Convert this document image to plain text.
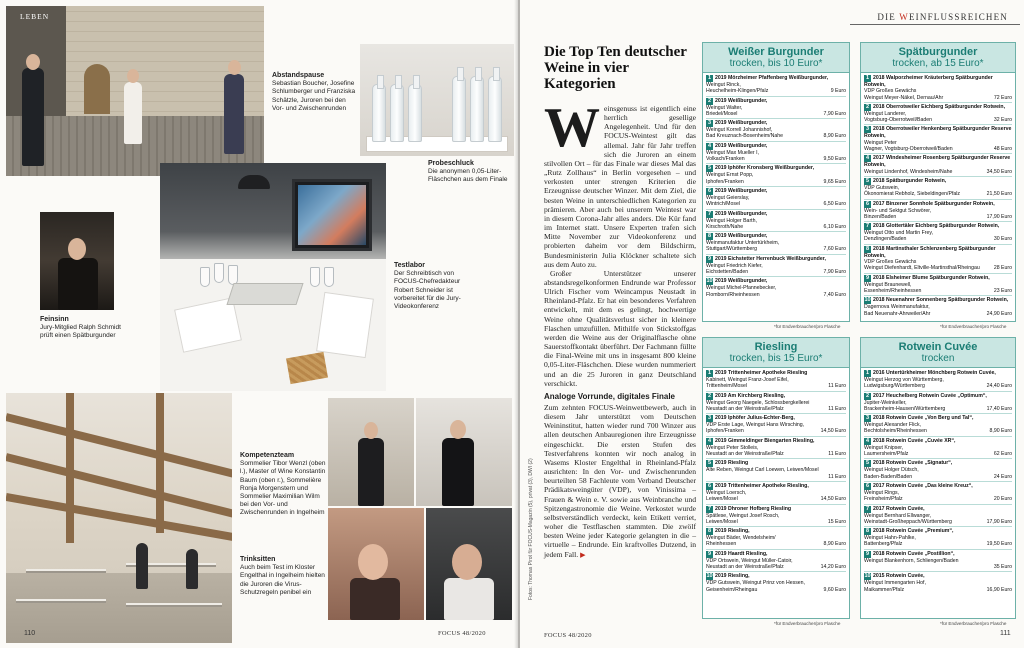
LEBEN
Abstandspause
Sebastian Boucher, Josefine Schlumberger und Franziska Schätzle, Juroren bei den Vor- und Zwischenrunden
Probeschluck
Die anonymen 0,05-Liter-Fläschchen aus dem Finale
Testlabor
Der Schreibtisch von FOCUS-Chefredakteur Robert Schneider ist vorbereitet für die Jury-Videokonferenz
Feinsinn
Jury-Mitglied Ralph Schmidt prüft einen Spätburgunder
Kompetenzteam
Sommelier Tibor Wenzl (oben l.), Master of Wine Konstantin Baum (oben r.), Sommelière Ronja Morgenstern und Sommelier Maximilian Wilm bei den Vor- und Zwischenrunden in Ingelheim
Trinksitten
Auch beim Test im Kloster Engelthal in Ingelheim hielten die Juroren die Virus-Schutzregeln penibel ein
110	FOCUS 48/2020
DIE WEINFLUSSREICHEN
Die Top Ten deutscher Weine in vier Kategorien

Weinsgenuss ist eigentlich eine herrlich gesellige Angelegenheit. Und für den FOCUS-Weintest gilt das allemal. Jahr für Jahr treffen sich die Juroren an einem stilvollen Ort – für das Finale war dieses Mal das „Rutz Zollhaus“ in Berlin vorgesehen – und verkosten unter strengen Kriterien die Erzeugnisse deutscher Winzer. Mit dem Ziel, die besten Weine in unterschiedlichen Kategorien zu prämieren. Aber auch bei unserem Weintest war in diesem Corona-Jahr alles anders. Die Kür fand im Internet statt. Unsere Experten trafen sich Mitte November zur Videokonferenz und probierten daheim vor dem Bildschirm, Bundesministerin Julia Klöckner schaltete sich aus dem Auto zu.

Großer Unterstützer unserer abstandsregelkonformen Endrunde war Professor Ulrich Fischer vom Weincampus Neustadt in Rheinland-Pfalz. Er hat ein besonderes Verfahren entwickelt, mit dem es gelingt, hochwertige Weine ohne Qualitätsverlust sicher in kleinere Flaschen umzufüllen. Mithilfe von Stickstoffgas werden die Weine aus der Originalflasche ohne Sauerstoffkontakt überführt. Der Fachmann füllte die Final-Weine mit uns in insgesamt 800 kleine 0,05-Liter-Fläschchen. Diese wurden nummeriert und an die 25 Juroren in ganz Deutschland verschickt.

Analoge Vorrunde, digitales Finale

Zum zehnten FOCUS-Weinwettbewerb, auch in diesem Jahr unterstützt vom Deutschen Weininstitut, hatten wieder rund 700 Winzer aus allen deutschen Anbauregionen ihre Erzeugnisse eingeschickt. Die ersten Stufen des Testverfahrens konnten wir noch analog in Wasems Kloster Engelthal in Rheinland-Pfalz ausrichten: In den Vor- und Zwischenrunden beurteilten 58 Fachleute vom Verband Deutscher Prädikatsweingüter (VDP), von Vinissima – Frauen & Wein e. V. sowie aus Weinbranche und Spitzengastronomie die Weine. Verkostet wurde selbstverständlich verdeckt, kein Etikett verriet, woher die Testflaschen stammten. Die zwölf besten Weine jeder Kategorie gelangten in die – virtuelle – Endrunde. Ein kraftvolles Dutzend, in jedem Fall. ▶

Fotos: Thomas Pirot für FOCUS-Magazin (5), privat (3), DWI (2)
Weißer Burgunder
trocken, bis 10 Euro*
1 2019 Mörzheimer Pfaffenberg Weißburgunder,
Weingut Rinck,
Heuchelheim-Klingen/Pfalz	9 Euro
2 2019 Weißburgunder,
Weingut Walter,
Briedel/Mosel	7,90 Euro
3 2019 Weißburgunder,
Weingut Korrell Johannishof,
Bad Kreuznach-Bosenheim/Nahe	8,90 Euro
4 2019 Weißburgunder,
Weingut Max Mueller I,
Volkach/Franken	9,50 Euro
5 2019 Iphöfer Kronsberg Weißburgunder,
Weingut Ernst Popp,
Iphofen/Franken	9,65 Euro
6 2019 Weißburgunder,
Weingut Geierslay,
Wintrich/Mosel	6,50 Euro
7 2019 Weißburgunder,
Weingut Holger Barth,
Kirschroth/Nahe	6,10 Euro
8 2019 Weißburgunder,
Weinmanufaktur Untertürkheim,
Stuttgart/Württemberg	7,60 Euro
9 2019 Eichstetter Herrenbuck Weißburgunder,
Weingut Friedrich Kiefer,
Eichstetten/Baden	7,90 Euro
10 2019 Weißburgunder,
Weingut Michel-Pfannebecker,
Flomborn/Rheinhessen	7,40 Euro
*für Endverbraucher/pro Flasche
Spätburgunder
trocken, ab 15 Euro*
1 2018 Walporzheimer Kräuterberg Spätburgunder Rotwein,
VDP Großes Gewächs
Weingut Meyer-Näkel, Dernau/Ahr	72 Euro
2 2018 Oberrotweiler Eichberg Spätburgunder Rotwein,
Weingut Landerer,
Vogtsburg-Oberrotweil/Baden	32 Euro
3 2018 Oberrotweiler Henkenberg Spätburgunder Reserve Rotwein,
Weingut Peter
Wagner, Vogtsburg-Oberrotweil/Baden	48 Euro
4 2017 Windesheimer Rosenberg Spätburgunder Reserve Rotwein,
Weingut Lindenhof, Windesheim/Nahe	34,50 Euro
5 2018 Spätburgunder Rotwein,
VDP Gutswein,
Ökonomierat Rebholz, Siebeldingen/Pfalz	21,50 Euro
6 2017 Binzener Sonnhole Spätburgunder Rotwein,
Wein- und Sektgut Schwörer,
Binzen/Baden	17,90 Euro
7 2018 Glottertäler Eichberg Spätburgunder Rotwein,
Weingut Otto und Martin Frey,
Denzlingen/Baden	30 Euro
8 2018 Martinsthaler Schlenzenberg Spätburgunder Rotwein,
VDP Großes Gewächs
Weingut Diefenhardt, Eltville-Martinsthal/Rheingau	28 Euro
9 2018 Elsheimer Blume Spätburgunder Rotwein,
Weingut Braunewell,
Essenheim/Rheinhessen	23 Euro
10 2018 Neuenahrer Sonnenberg Spätburgunder Rotwein,
Dagernova Weinmanufaktur,
Bad Neuenahr-Ahrweiler/Ahr	24,90 Euro
*für Endverbraucher/pro Flasche
Riesling
trocken, bis 15 Euro*
1 2019 Trittenheimer Apotheke Riesling
Kabinett, Weingut Franz-Josef Eifel,
Trittenheim/Mosel	11 Euro
2 2019 Am Kirchberg Riesling,
Weingut Georg Naegele, Schlossbergkellerei
Neustadt an der Weinstraße/Pfalz	11 Euro
3 2019 Iphöfer Julius-Echter-Berg,
VDP Erste Lage, Weingut Hans Wirsching,
Iphofen/Franken	14,50 Euro
4 2019 Gimmeldinger Biengarten Riesling,
Weingut Peter Stolleis,
Neustadt an der Weinstraße/Pfalz	11 Euro
5 2019 Riesling
Alte Reben, Weingut Carl Loewen, Leiwen/Mosel
11 Euro
6 2019 Trittenheimer Apotheke Riesling,
Weingut Loersch,
Leiwen/Mosel	14,50 Euro
7 2019 Dhroner Hofberg Riesling
Spätlese, Weingut Josef Rosch,
Leiwen/Mosel	15 Euro
8 2019 Riesling,
Weingut Bäder, Wendelsheim/
Rheinhessen	8,90 Euro
9 2019 Haardt Riesling,
VDP Ortswein, Weingut Müller-Catoir,
Neustadt an der Weinstraße/Pfalz	14,20 Euro
10 2019 Riesling,
VDP Gutswein, Weingut Prinz von Hessen,
Geisenheim/Rheingau	9,60 Euro
*für Endverbraucher/pro Flasche
Rotwein Cuvée
trocken
1 2016 Untertürkheimer Mönchberg Rotwein Cuvée,
Weingut Herzog von Württemberg,
Ludwigsburg/Württemberg	24,40 Euro
2 2017 Heuchelberg Rotwein Cuvée „Optimum“,
Jupiter-Weinkeller,
Brackenheim-Hausen/Württemberg	17,40 Euro
3 2018 Rotwein Cuvée „Von Berg und Tal“,
Weingut Alexander Flick,
Bechtolsheim/Rheinhessen	8,90 Euro
4 2018 Rotwein Cuvée „Cuvée XR“,
Weingut Knipser,
Laumersheim/Pfalz	62 Euro
5 2018 Rotwein Cuvée „Signatur“,
Weingut Holger Dütsch,
Baden-Baden/Baden	24 Euro
6 2017 Rotwein Cuvée „Das kleine Kreuz“,
Weingut Rings,
Freinsheim/Pfalz	20 Euro
7 2017 Rotwein Cuvée,
Weingut Bernhard Ellwanger,
Weinstadt-Großheppach/Württemberg	17,90 Euro
8 2018 Rotwein Cuvée „Premium“,
Weingut Hahn-Pahlke,
Battenberg/Pfalz	19,50 Euro
9 2018 Rotwein Cuvée „Postillion“,
Weingut Blankenhorn, Schliengen/Baden
35 Euro
10 2015 Rotwein Cuvée,
Weingut Immengarten Hof,
Maikammer/Pfalz	16,90 Euro
*für Endverbraucher/pro Flasche
FOCUS 48/2020	111
